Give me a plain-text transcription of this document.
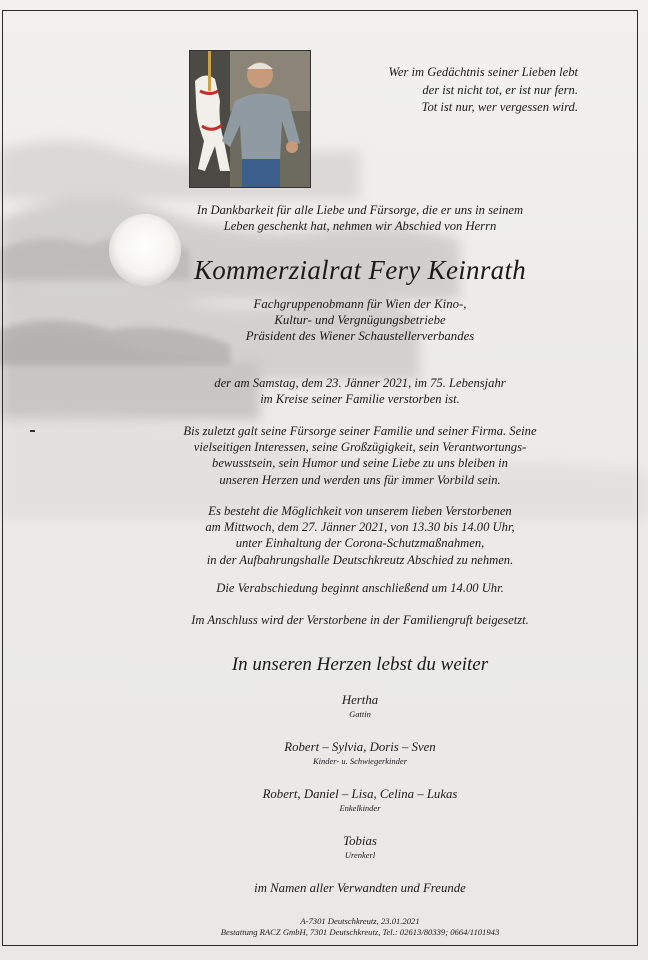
Wer im Gedächtnis seiner Lieben lebt
der ist nicht tot, er ist nur fern.
Tot ist nur, wer vergessen wird.
In Dankbarkeit für alle Liebe und Fürsorge, die er uns in seinem
Leben geschenkt hat, nehmen wir Abschied von Herrn
Kommerzialrat Fery Keinrath
Fachgruppenobmann für Wien der Kino-,
Kultur- und Vergnügungsbetriebe
Präsident des Wiener Schaustellerverbandes
der am Samstag, dem 23. Jänner 2021, im 75. Lebensjahr
im Kreise seiner Familie verstorben ist.
Bis zuletzt galt seine Fürsorge seiner Familie und seiner Firma. Seine
vielseitigen Interessen, seine Großzügigkeit, sein Verantwortungs-
bewusstsein, sein Humor und seine Liebe zu uns bleiben in
unseren Herzen und werden uns für immer Vorbild sein.
Es besteht die Möglichkeit von unserem lieben Verstorbenen
am Mittwoch, dem 27. Jänner 2021, von 13.30 bis 14.00 Uhr,
unter Einhaltung der Corona-Schutzmaßnahmen,
in der Aufbahrungshalle Deutschkreutz Abschied zu nehmen.
Die Verabschiedung beginnt anschließend um 14.00 Uhr.
Im Anschluss wird der Verstorbene in der Familiengruft beigesetzt.
In unseren Herzen lebst du weiter
Hertha
Gattin
Robert – Sylvia, Doris – Sven
Kinder- u. Schwiegerkinder
Robert, Daniel – Lisa, Celina – Lukas
Enkelkinder
Tobias
Urenkerl
im Namen aller Verwandten und Freunde
A-7301 Deutschkreutz, 23.01.2021
Bestattung RACZ GmbH, 7301 Deutschkreutz, Tel.: 02613/80339; 0664/1101943
